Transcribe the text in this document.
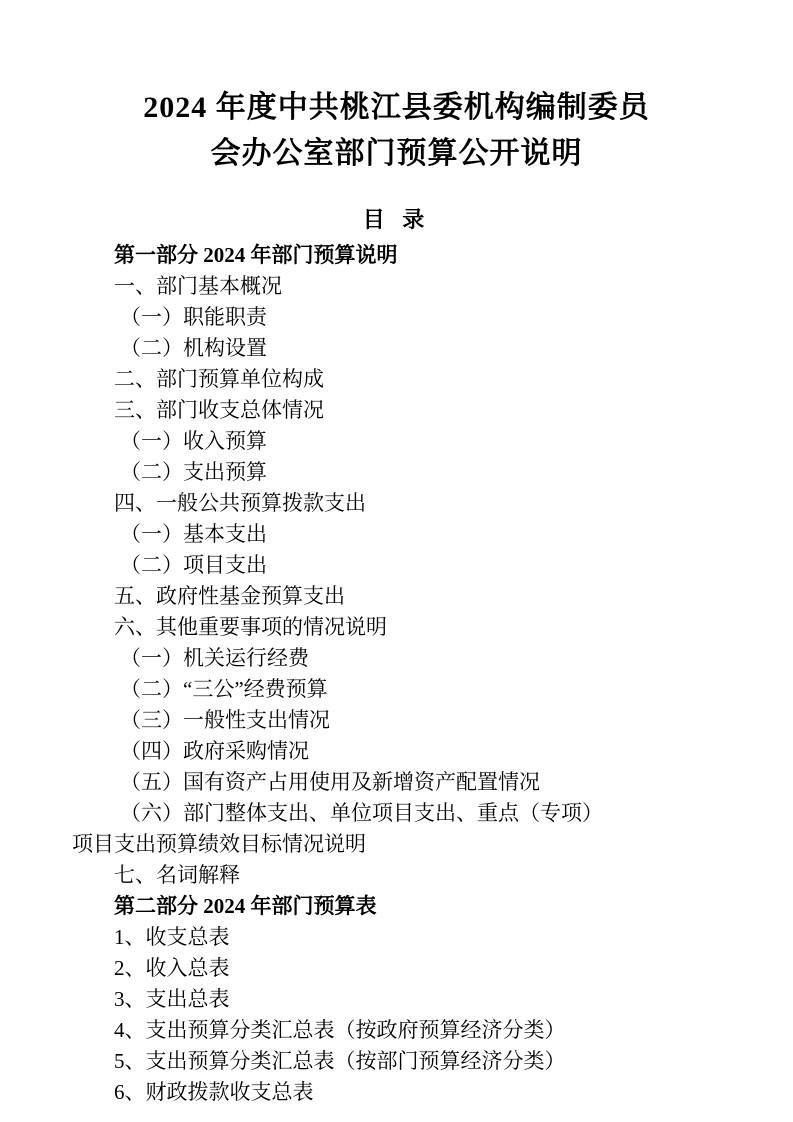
2024 年度中共桃江县委机构编制委员
会办公室部门预算公开说明
目 录
第一部分 2024 年部门预算说明
一、部门基本概况
（一）职能职责
（二）机构设置
二、部门预算单位构成
三、部门收支总体情况
（一）收入预算
（二）支出预算
四、一般公共预算拨款支出
（一）基本支出
（二）项目支出
五、政府性基金预算支出
六、其他重要事项的情况说明
（一）机关运行经费
（二）“三公”经费预算
（三）一般性支出情况
（四）政府采购情况
（五）国有资产占用使用及新增资产配置情况
（六）部门整体支出、单位项目支出、重点（专项）
项目支出预算绩效目标情况说明
七、名词解释
第二部分 2024 年部门预算表
1、收支总表
2、收入总表
3、支出总表
4、支出预算分类汇总表（按政府预算经济分类）
5、支出预算分类汇总表（按部门预算经济分类）
6、财政拨款收支总表
